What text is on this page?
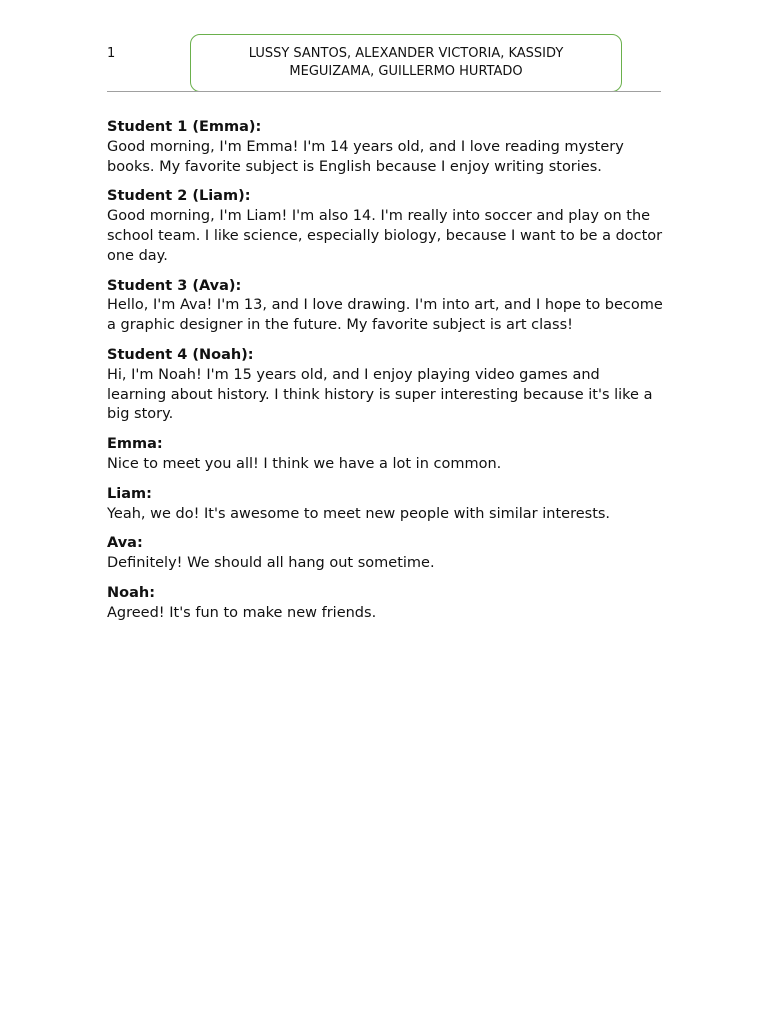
1	LUSSY SANTOS, ALEXANDER VICTORIA, KASSIDY MEGUIZAMA, GUILLERMO HURTADO
Student 1 (Emma):
Good morning, I'm Emma! I'm 14 years old, and I love reading mystery books. My favorite subject is English because I enjoy writing stories.
Student 2 (Liam):
Good morning, I'm Liam! I'm also 14. I'm really into soccer and play on the school team. I like science, especially biology, because I want to be a doctor one day.
Student 3 (Ava):
Hello, I'm Ava! I'm 13, and I love drawing. I'm into art, and I hope to become a graphic designer in the future. My favorite subject is art class!
Student 4 (Noah):
Hi, I'm Noah! I'm 15 years old, and I enjoy playing video games and learning about history. I think history is super interesting because it's like a big story.
Emma:
Nice to meet you all! I think we have a lot in common.
Liam:
Yeah, we do! It's awesome to meet new people with similar interests.
Ava:
Definitely! We should all hang out sometime.
Noah:
Agreed! It's fun to make new friends.
